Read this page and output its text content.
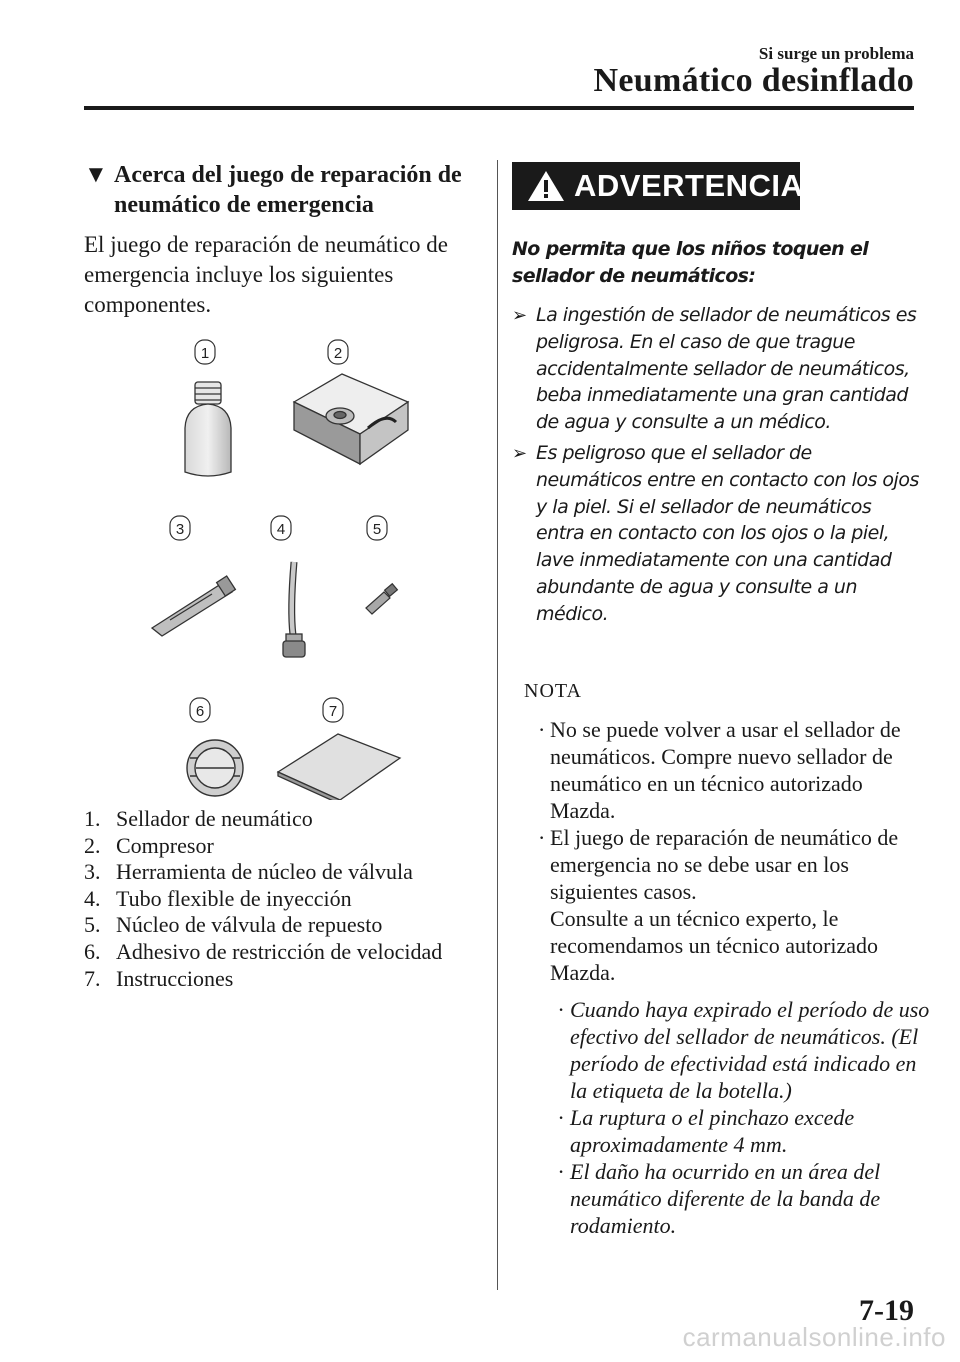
Si surge un problema
Neumático desinflado
▼ Acerca del juego de reparación de neumático de emergencia
El juego de reparación de neumático de emergencia incluye los siguientes componentes.
1	2
3	4	5
6	7
1. Sellador de neumático
2. Compresor
3. Herramienta de núcleo de válvula
4. Tubo flexible de inyección
5. Núcleo de válvula de repuesto
6. Adhesivo de restricción de velocidad
7. Instrucciones
ADVERTENCIA
No permita que los niños toquen el sellador de neumáticos:
➢ La ingestión de sellador de neumáticos es peligrosa. En el caso de que trague accidentalmente sellador de neumáticos, beba inmediatamente una gran cantidad de agua y consulte a un médico.
➢ Es peligroso que el sellador de neumáticos entre en contacto con los ojos y la piel. Si el sellador de neumáticos entra en contacto con los ojos o la piel, lave inmediatamente con una cantidad abundante de agua y consulte a un médico.
NOTA
· No se puede volver a usar el sellador de neumáticos. Compre nuevo sellador de neumático en un técnico autorizado Mazda.
· El juego de reparación de neumático de emergencia no se debe usar en los siguientes casos.
Consulte a un técnico experto, le recomendamos un técnico autorizado Mazda.
· Cuando haya expirado el período de uso efectivo del sellador de neumáticos. (El período de efectividad está indicado en la etiqueta de la botella.)
· La ruptura o el pinchazo excede aproximadamente 4 mm.
· El daño ha ocurrido en un área del neumático diferente de la banda de rodamiento.
7-19
carmanualsonline.info
